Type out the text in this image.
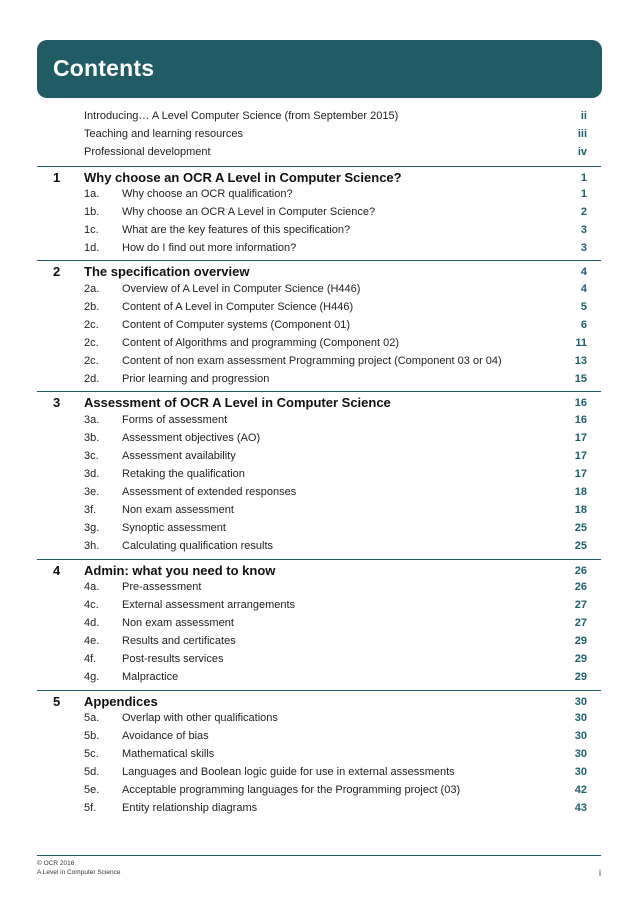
Contents
Introducing… A Level Computer Science (from September 2015)	ii
Teaching and learning resources	iii
Professional development	iv
1 Why choose an OCR A Level in Computer Science?	1
1a. Why choose an OCR qualification?	1
1b. Why choose an OCR A Level in Computer Science?	2
1c. What are the key features of this specification?	3
1d. How do I find out more information?	3
2 The specification overview	4
2a. Overview of A Level in Computer Science (H446)	4
2b. Content of A Level in Computer Science (H446)	5
2c. Content of Computer systems (Component 01)	6
2c. Content of Algorithms and programming (Component 02)	11
2c. Content of non exam assessment Programming project (Component 03 or 04)	13
2d. Prior learning and progression	15
3 Assessment of OCR A Level in Computer Science	16
3a. Forms of assessment	16
3b. Assessment objectives (AO)	17
3c. Assessment availability	17
3d. Retaking the qualification	17
3e. Assessment of extended responses	18
3f. Non exam assessment	18
3g. Synoptic assessment	25
3h. Calculating qualification results	25
4 Admin: what you need to know	26
4a. Pre-assessment	26
4c. External assessment arrangements	27
4d. Non exam assessment	27
4e. Results and certificates	29
4f. Post-results services	29
4g. Malpractice	29
5 Appendices	30
5a. Overlap with other qualifications	30
5b. Avoidance of bias	30
5c. Mathematical skills	30
5d. Languages and Boolean logic guide for use in external assessments	30
5e. Acceptable programming languages for the Programming project (03)	42
5f. Entity relationship diagrams	43
© OCR 2016
A Level in Computer Science	i
